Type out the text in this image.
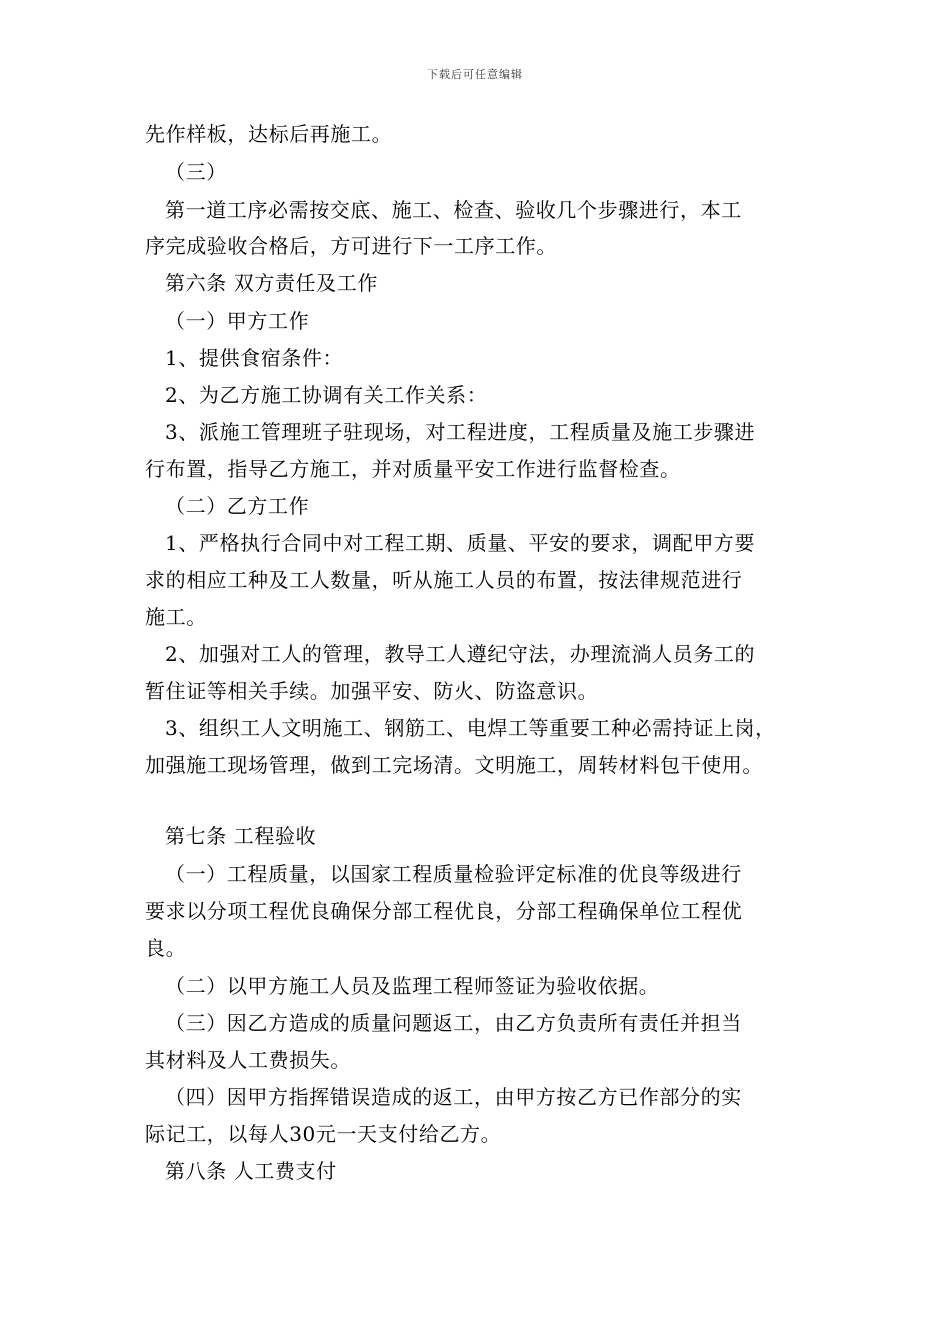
下载后可任意编辑
先作样板，达标后再施工。
（三）
第一道工序必需按交底、施工、检查、验收几个步骤进行，本工
序完成验收合格后，方可进行下一工序工作。
第六条 双方责任及工作
（一）甲方工作
1、提供食宿条件：
2、为乙方施工协调有关工作关系：
3、派施工管理班子驻现场，对工程进度，工程质量及施工步骤进
行布置，指导乙方施工，并对质量平安工作进行监督检查。
（二）乙方工作
1、严格执行合同中对工程工期、质量、平安的要求，调配甲方要
求的相应工种及工人数量，听从施工人员的布置，按法律规范进行
施工。
2、加强对工人的管理，教导工人遵纪守法，办理流淌人员务工的
暂住证等相关手续。加强平安、防火、防盗意识。
3、组织工人文明施工、钢筋工、电焊工等重要工种必需持证上岗，
加强施工现场管理，做到工完场清。文明施工，周转材料包干使用。
第七条 工程验收
（一）工程质量，以国家工程质量检验评定标准的优良等级进行
要求以分项工程优良确保分部工程优良，分部工程确保单位工程优
良。
（二）以甲方施工人员及监理工程师签证为验收依据。
（三）因乙方造成的质量问题返工，由乙方负责所有责任并担当
其材料及人工费损失。
（四）因甲方指挥错误造成的返工，由甲方按乙方已作部分的实
际记工，以每人30元一天支付给乙方。
第八条 人工费支付
